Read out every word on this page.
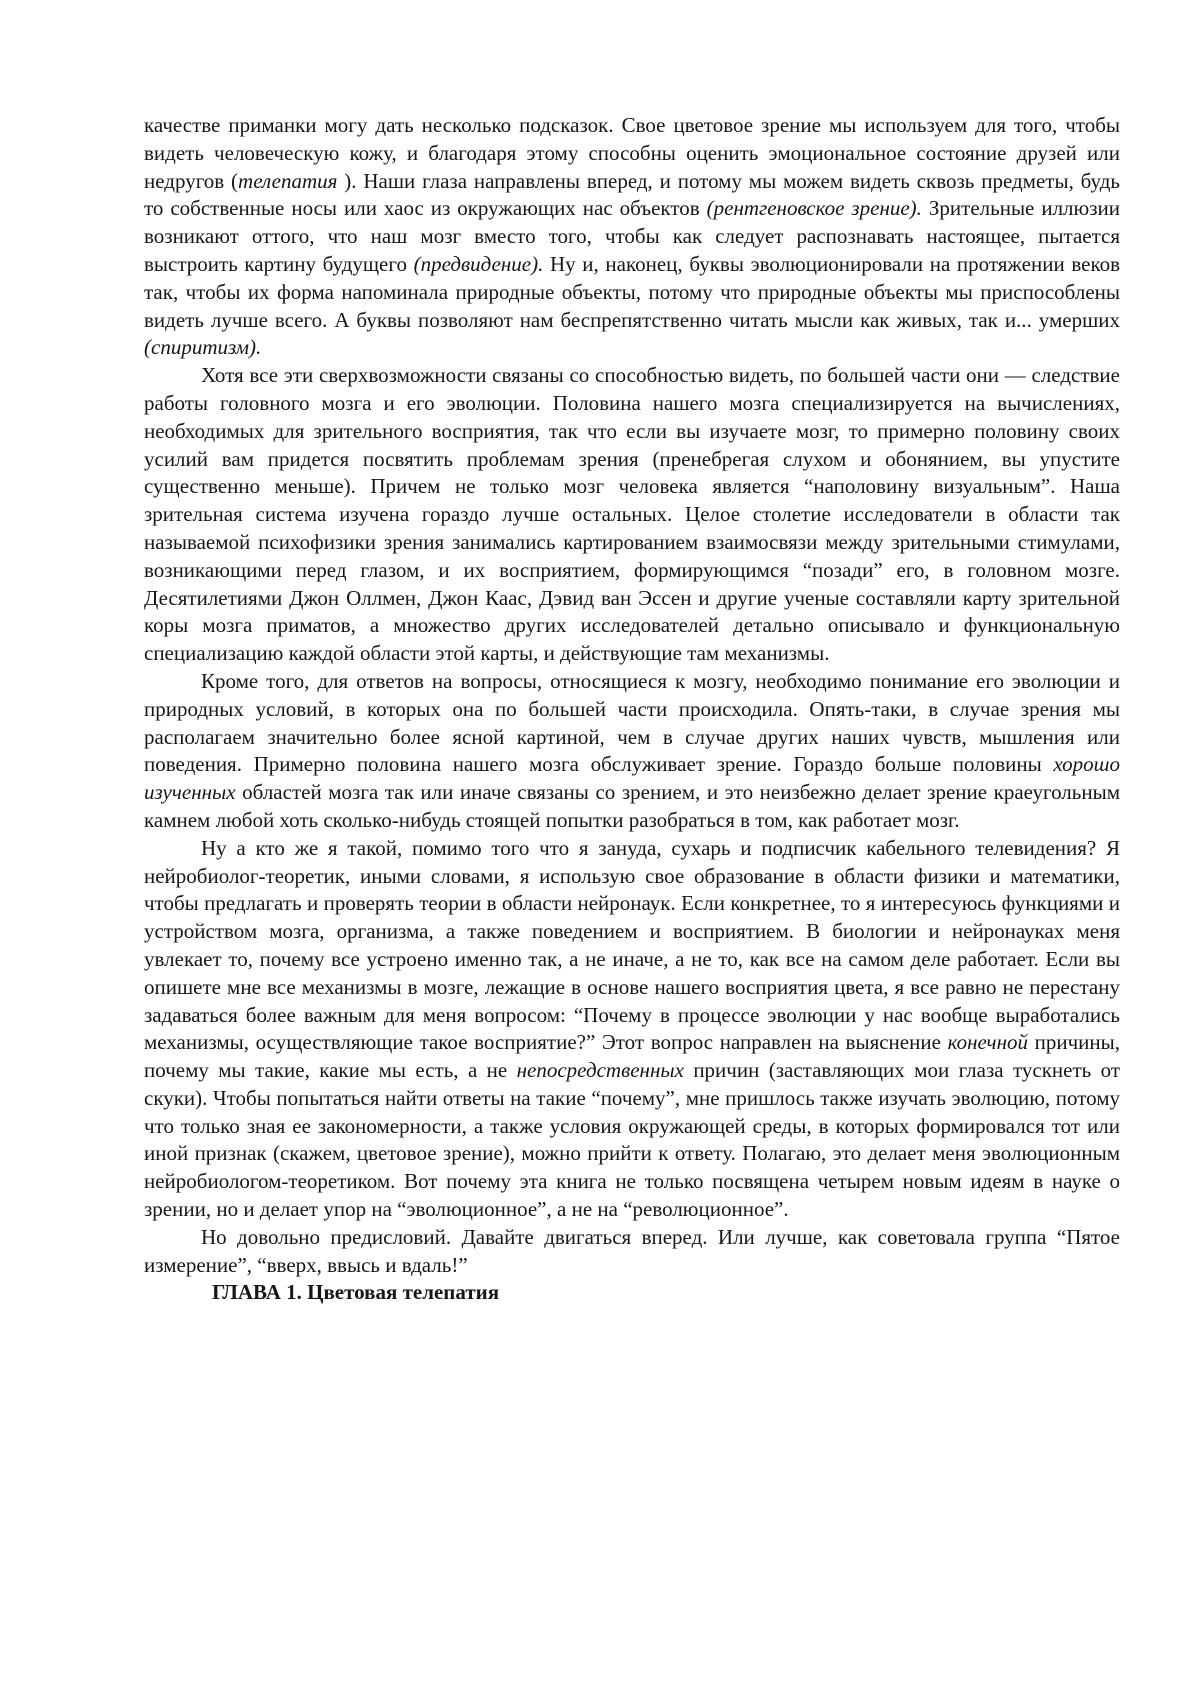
качестве приманки могу дать несколько подсказок. Свое цветовое зрение мы используем для того, чтобы видеть человеческую кожу, и благодаря этому способны оценить эмоциональное состояние друзей или недругов (телепатия ). Наши глаза направлены вперед, и потому мы можем видеть сквозь предметы, будь то собственные носы или хаос из окружающих нас объектов (рентгеновское зрение). Зрительные иллюзии возникают оттого, что наш мозг вместо того, чтобы как следует распознавать настоящее, пытается выстроить картину будущего (предвидение). Ну и, наконец, буквы эволюционировали на протяжении веков так, чтобы их форма напоминала природные объекты, потому что природные объекты мы приспособлены видеть лучше всего. А буквы позволяют нам беспрепятственно читать мысли как живых, так и... умерших (спиритизм).

Хотя все эти сверхвозможности связаны со способностью видеть, по большей части они — следствие работы головного мозга и его эволюции. Половина нашего мозга специализируется на вычислениях, необходимых для зрительного восприятия, так что если вы изучаете мозг, то примерно половину своих усилий вам придется посвятить проблемам зрения (пренебрегая слухом и обонянием, вы упустите существенно меньше). Причем не только мозг человека является “наполовину визуальным”. Наша зрительная система изучена гораздо лучше остальных. Целое столетие исследователи в области так называемой психофизики зрения занимались картированием взаимосвязи между зрительными стимулами, возникающими перед глазом, и их восприятием, формирующимся “позади” его, в головном мозге. Десятилетиями Джон Оллмен, Джон Каас, Дэвид ван Эссен и другие ученые составляли карту зрительной коры мозга приматов, а множество других исследователей детально описывало и функциональную специализацию каждой области этой карты, и действующие там механизмы.

Кроме того, для ответов на вопросы, относящиеся к мозгу, необходимо понимание его эволюции и природных условий, в которых она по большей части происходила. Опять-таки, в случае зрения мы располагаем значительно более ясной картиной, чем в случае других наших чувств, мышления или поведения. Примерно половина нашего мозга обслуживает зрение. Гораздо больше половины хорошо изученных областей мозга так или иначе связаны со зрением, и это неизбежно делает зрение краеугольным камнем любой хоть сколько-нибудь стоящей попытки разобраться в том, как работает мозг.

Ну а кто же я такой, помимо того что я зануда, сухарь и подписчик кабельного телевидения? Я нейробиолог-теоретик, иными словами, я использую свое образование в области физики и математики, чтобы предлагать и проверять теории в области нейронаук. Если конкретнее, то я интересуюсь функциями и устройством мозга, организма, а также поведением и восприятием. В биологии и нейронауках меня увлекает то, почему все устроено именно так, а не иначе, а не то, как все на самом деле работает. Если вы опишете мне все механизмы в мозге, лежащие в основе нашего восприятия цвета, я все равно не перестану задаваться более важным для меня вопросом: “Почему в процессе эволюции у нас вообще выработались механизмы, осуществляющие такое восприятие?” Этот вопрос направлен на выяснение конечной причины, почему мы такие, какие мы есть, а не непосредственных причин (заставляющих мои глаза тускнеть от скуки). Чтобы попытаться найти ответы на такие “почему”, мне пришлось также изучать эволюцию, потому что только зная ее закономерности, а также условия окружающей среды, в которых формировался тот или иной признак (скажем, цветовое зрение), можно прийти к ответу. Полагаю, это делает меня эволюционным нейробиологом-теоретиком. Вот почему эта книга не только посвящена четырем новым идеям в науке о зрении, но и делает упор на “эволюционное”, а не на “революционное”.

Но довольно предисловий. Давайте двигаться вперед. Или лучше, как советовала группа “Пятое измерение”, “вверх, ввысь и вдаль!”

ГЛАВА 1. Цветовая телепатия
